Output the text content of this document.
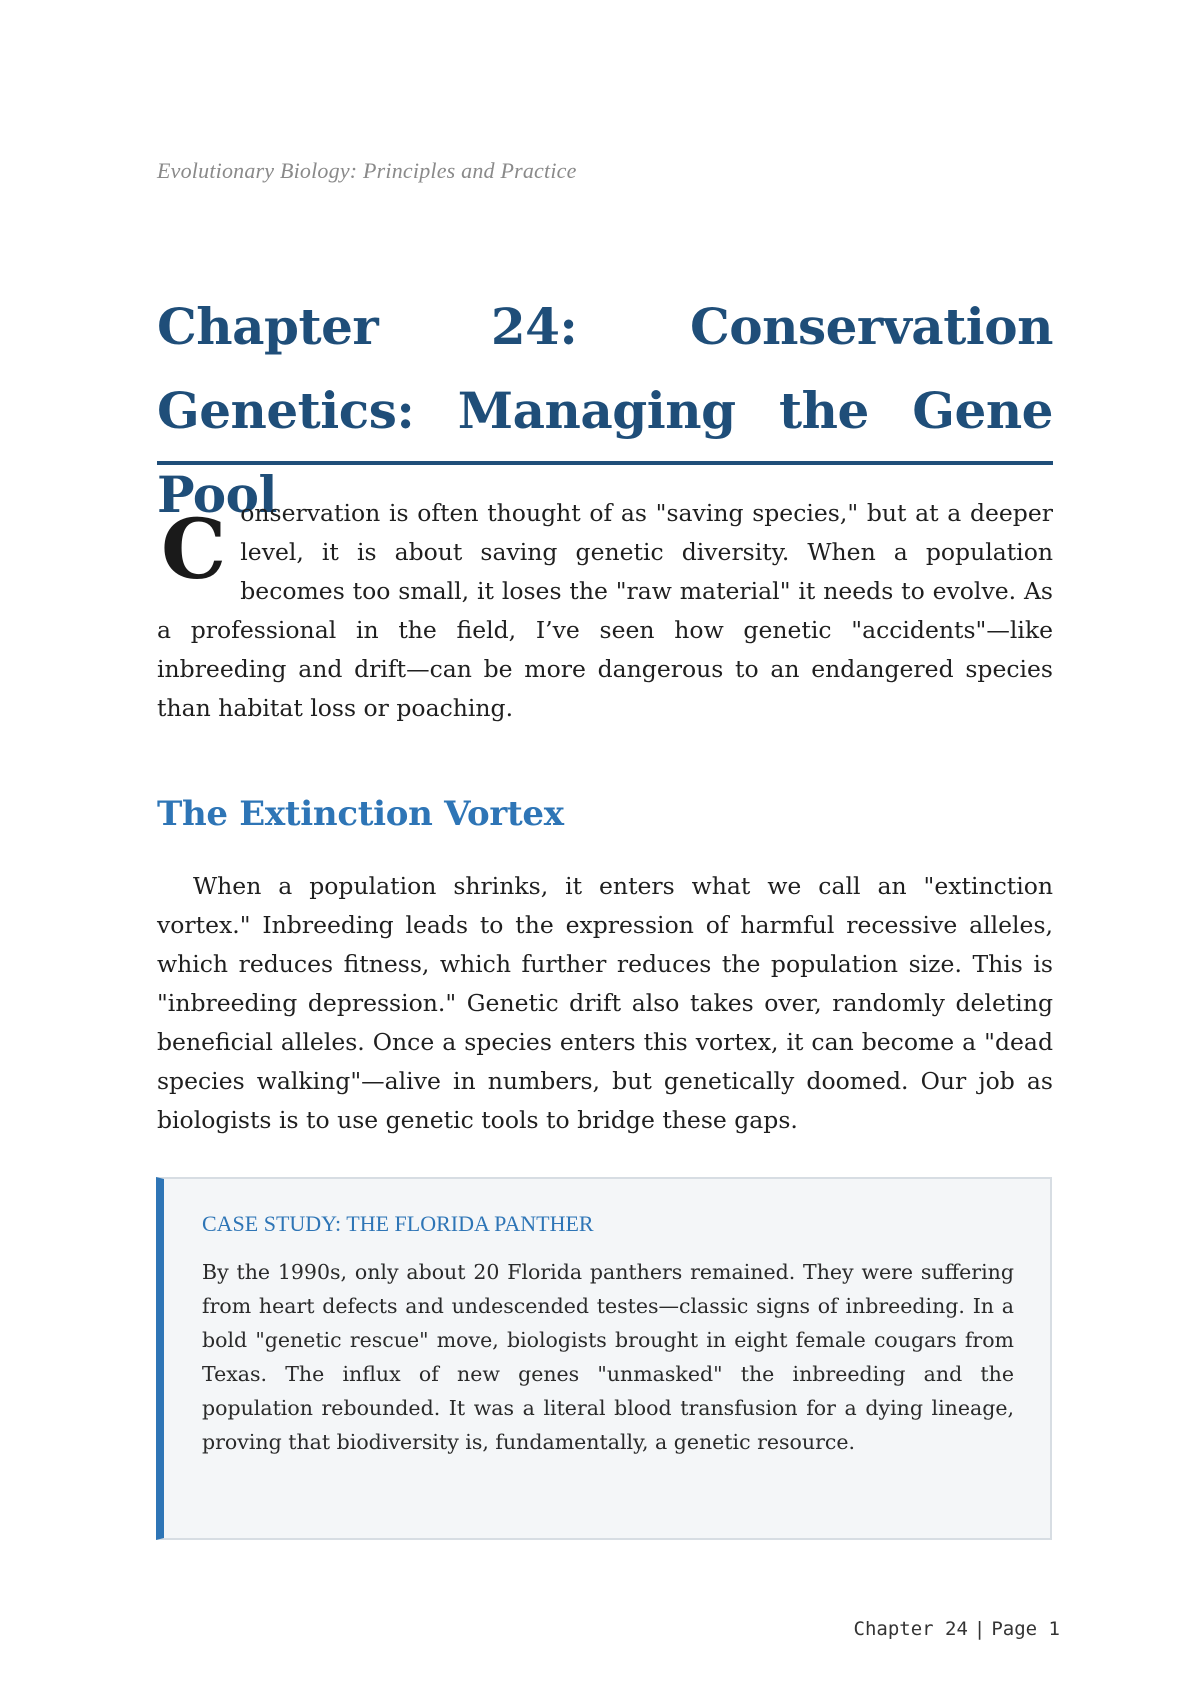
Evolutionary Biology: Principles and Practice
Chapter 24: Conservation Genetics: Managing the Gene Pool

Conservation is often thought of as "saving species," but at a deeper level, it is about saving genetic diversity. When a population becomes too small, it loses the "raw material" it needs to evolve. As a professional in the field, I’ve seen how genetic "accidents"—like inbreeding and drift—can be more dangerous to an endangered species than habitat loss or poaching.

The Extinction Vortex

When a population shrinks, it enters what we call an "extinction vortex." Inbreeding leads to the expression of harmful recessive alleles, which reduces fitness, which further reduces the population size. This is "inbreeding depression." Genetic drift also takes over, randomly deleting beneficial alleles. Once a species enters this vortex, it can become a "dead species walking"—alive in numbers, but genetically doomed. Our job as biologists is to use genetic tools to bridge these gaps.

CASE STUDY: THE FLORIDA PANTHER

By the 1990s, only about 20 Florida panthers remained. They were suffering from heart defects and undescended testes—classic signs of inbreeding. In a bold "genetic rescue" move, biologists brought in eight female cougars from Texas. The influx of new genes "unmasked" the inbreeding and the population rebounded. It was a literal blood transfusion for a dying lineage, proving that biodiversity is, fundamentally, a genetic resource.

Chapter 24 | Page 1
